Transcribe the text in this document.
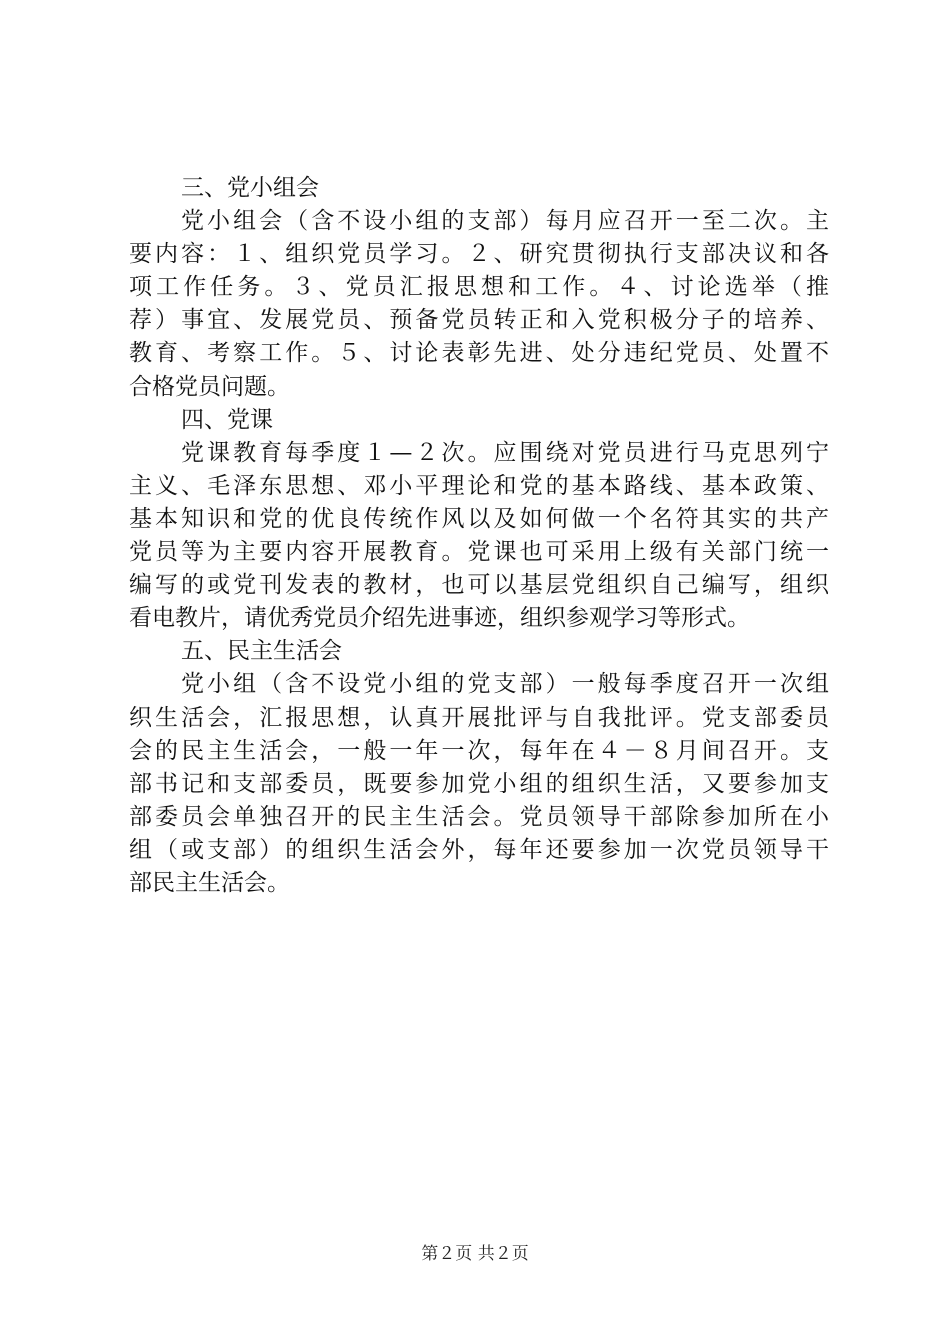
三、党小组会
党小组会（含不设小组的支部）每月应召开一至二次。主
要内容：１、组织党员学习。２、研究贯彻执行支部决议和各
项工作任务。３、党员汇报思想和工作。４、讨论选举（推
荐）事宜、发展党员、预备党员转正和入党积极分子的培养、
教育、考察工作。５、讨论表彰先进、处分违纪党员、处置不
合格党员问题。
四、党课
党课教育每季度１—２次。应围绕对党员进行马克思列宁
主义、毛泽东思想、邓小平理论和党的基本路线、基本政策、
基本知识和党的优良传统作风以及如何做一个名符其实的共产
党员等为主要内容开展教育。党课也可采用上级有关部门统一
编写的或党刊发表的教材，也可以基层党组织自己编写，组织
看电教片，请优秀党员介绍先进事迹，组织参观学习等形式。
五、民主生活会
党小组（含不设党小组的党支部）一般每季度召开一次组
织生活会，汇报思想，认真开展批评与自我批评。党支部委员
会的民主生活会，一般一年一次，每年在４－８月间召开。支
部书记和支部委员，既要参加党小组的组织生活，又要参加支
部委员会单独召开的民主生活会。党员领导干部除参加所在小
组（或支部）的组织生活会外，每年还要参加一次党员领导干
部民主生活会。
第２页 共２页
